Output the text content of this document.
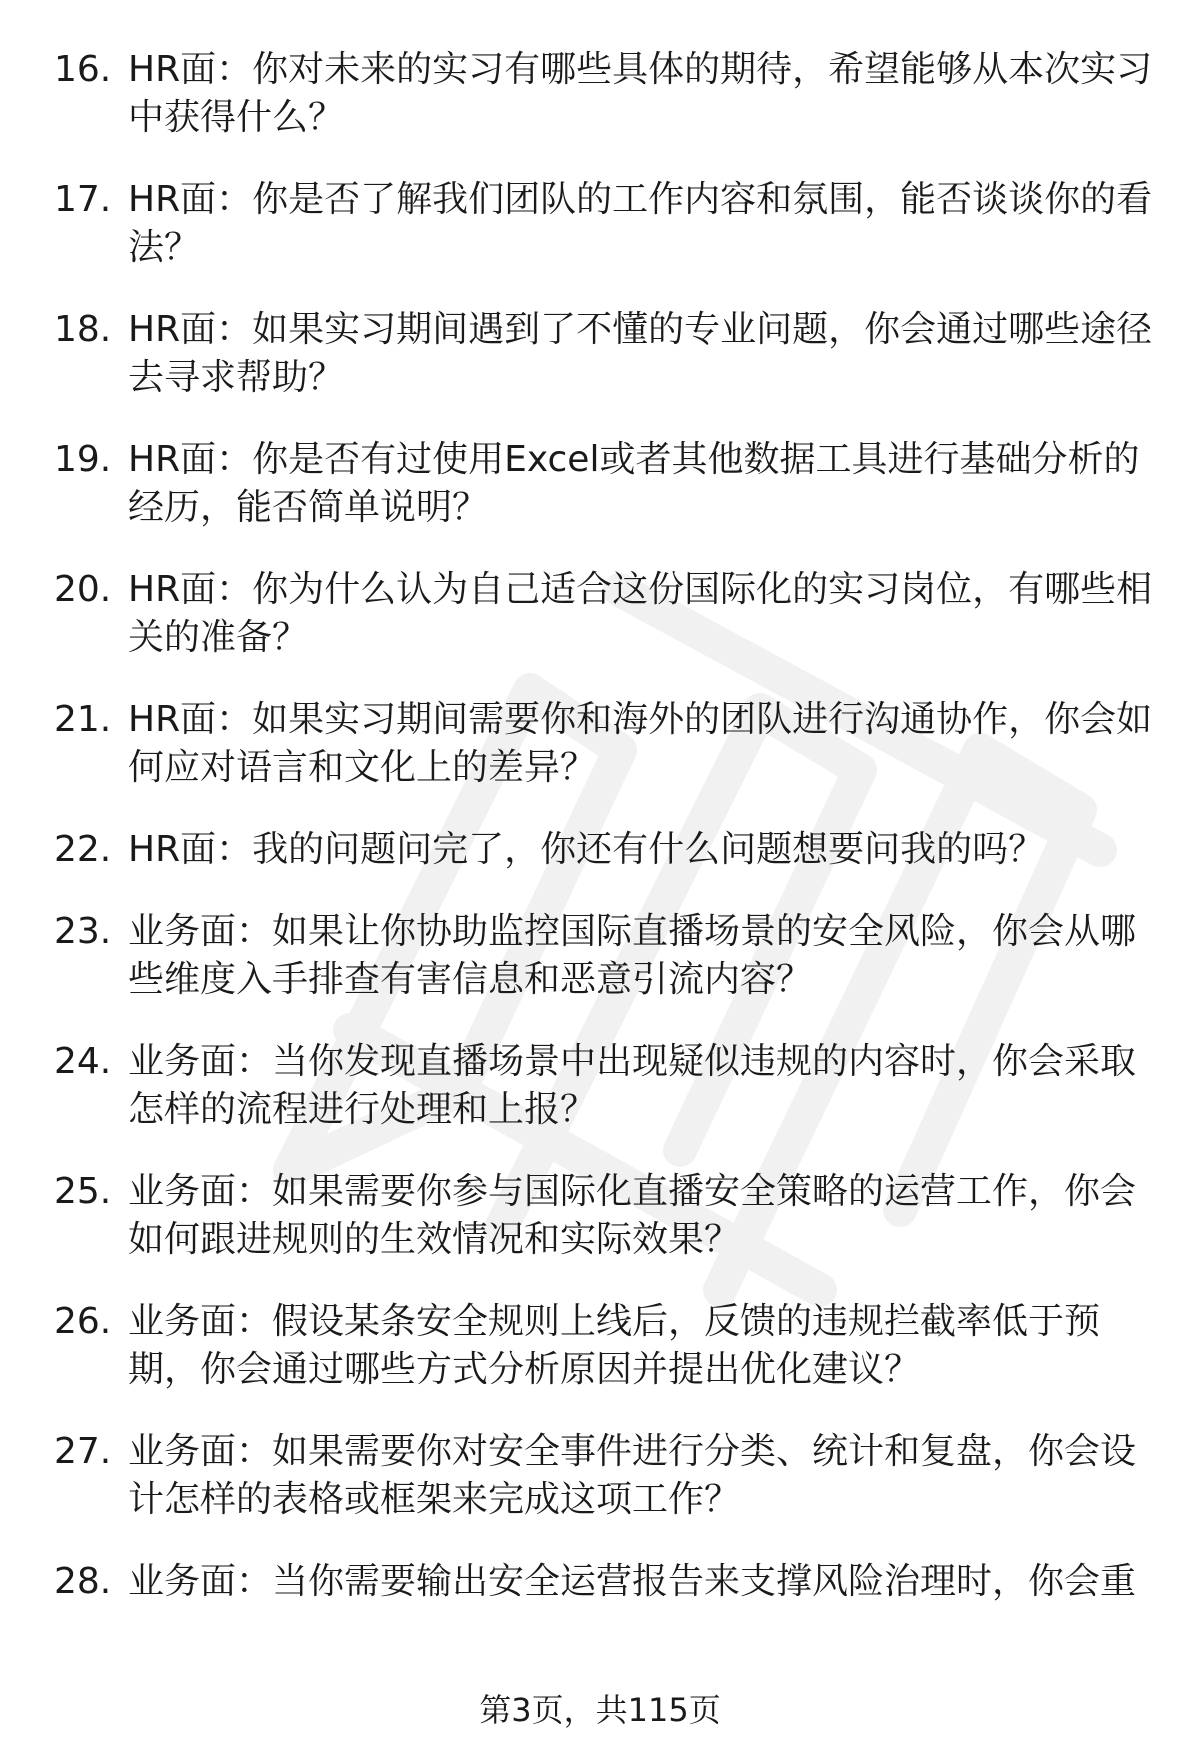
16. HR面：你对未来的实习有哪些具体的期待，希望能够从本次实习中获得什么？
17. HR面：你是否了解我们团队的工作内容和氛围，能否谈谈你的看法？
18. HR面：如果实习期间遇到了不懂的专业问题，你会通过哪些途径去寻求帮助？
19. HR面：你是否有过使用Excel或者其他数据工具进行基础分析的经历，能否简单说明？
20. HR面：你为什么认为自己适合这份国际化的实习岗位，有哪些相关的准备？
21. HR面：如果实习期间需要你和海外的团队进行沟通协作，你会如何应对语言和文化上的差异？
22. HR面：我的问题问完了，你还有什么问题想要问我的吗？
23. 业务面：如果让你协助监控国际直播场景的安全风险，你会从哪些维度入手排查有害信息和恶意引流内容？
24. 业务面：当你发现直播场景中出现疑似违规的内容时，你会采取怎样的流程进行处理和上报？
25. 业务面：如果需要你参与国际化直播安全策略的运营工作，你会如何跟进规则的生效情况和实际效果？
26. 业务面：假设某条安全规则上线后，反馈的违规拦截率低于预期，你会通过哪些方式分析原因并提出优化建议？
27. 业务面：如果需要你对安全事件进行分类、统计和复盘，你会设计怎样的表格或框架来完成这项工作？
28. 业务面：当你需要输出安全运营报告来支撑风险治理时，你会重
第3页，共115页
